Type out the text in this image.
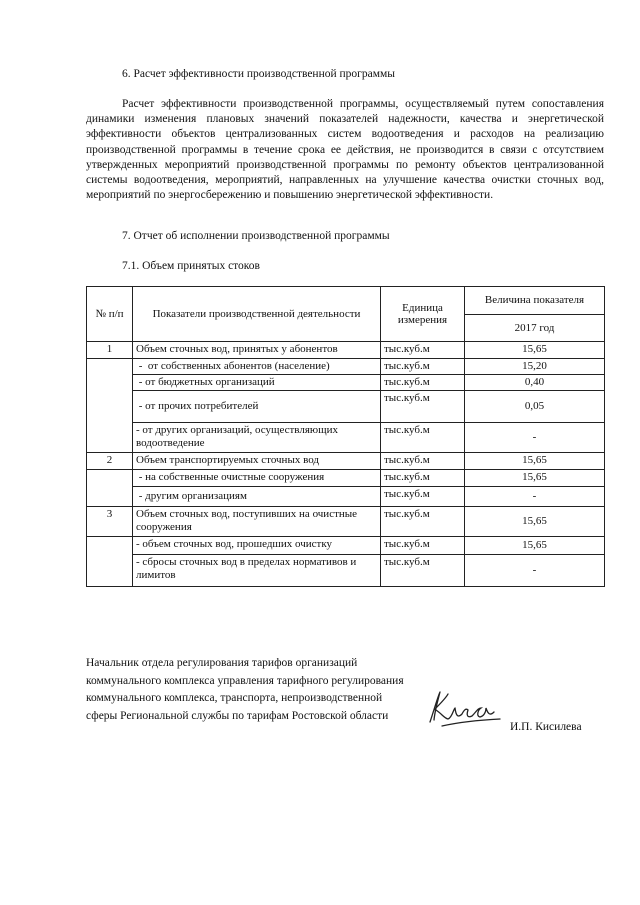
6. Расчет эффективности производственной программы
Расчет эффективности производственной программы, осуществляемый путем сопоставления динамики изменения плановых значений показателей надежности, качества и энергетической эффективности объектов централизованных систем водоотведения и расходов на реализацию производственной программы в течение срока ее действия, не производится в связи с отсутствием утвержденных мероприятий производственной программы по ремонту объектов централизованной системы водоотведения, мероприятий, направленных на улучшение качества очистки сточных вод, мероприятий по энергосбережению и повышению энергетической эффективности.
7. Отчет об исполнении производственной программы
7.1. Объем принятых стоков
№ п/п	Показатели производственной деятельности	Единица измерения	Величина показателя
			2017 год
1	Объем сточных вод, принятых у абонентов	тыс.куб.м	15,65
	-  от собственных абонентов (население)	тыс.куб.м	15,20
	- от бюджетных организаций	тыс.куб.м	0,40
	- от прочих потребителей	тыс.куб.м	0,05
	- от других организаций, осуществляющих водоотведение	тыс.куб.м	-
2	Объем транспортируемых сточных вод	тыс.куб.м	15,65
	- на собственные очистные сооружения	тыс.куб.м	15,65
	- другим организациям	тыс.куб.м	-
3	Объем сточных вод, поступивших на очистные сооружения	тыс.куб.м	15,65
	- объем сточных вод, прошедших очистку	тыс.куб.м	15,65
	- сбросы сточных вод в пределах нормативов и лимитов	тыс.куб.м	-
Начальник отдела регулирования тарифов организаций коммунального комплекса управления тарифного регулирования коммунального комплекса, транспорта, непроизводственной сферы Региональной службы по тарифам Ростовской области
И.П. Кисилева
